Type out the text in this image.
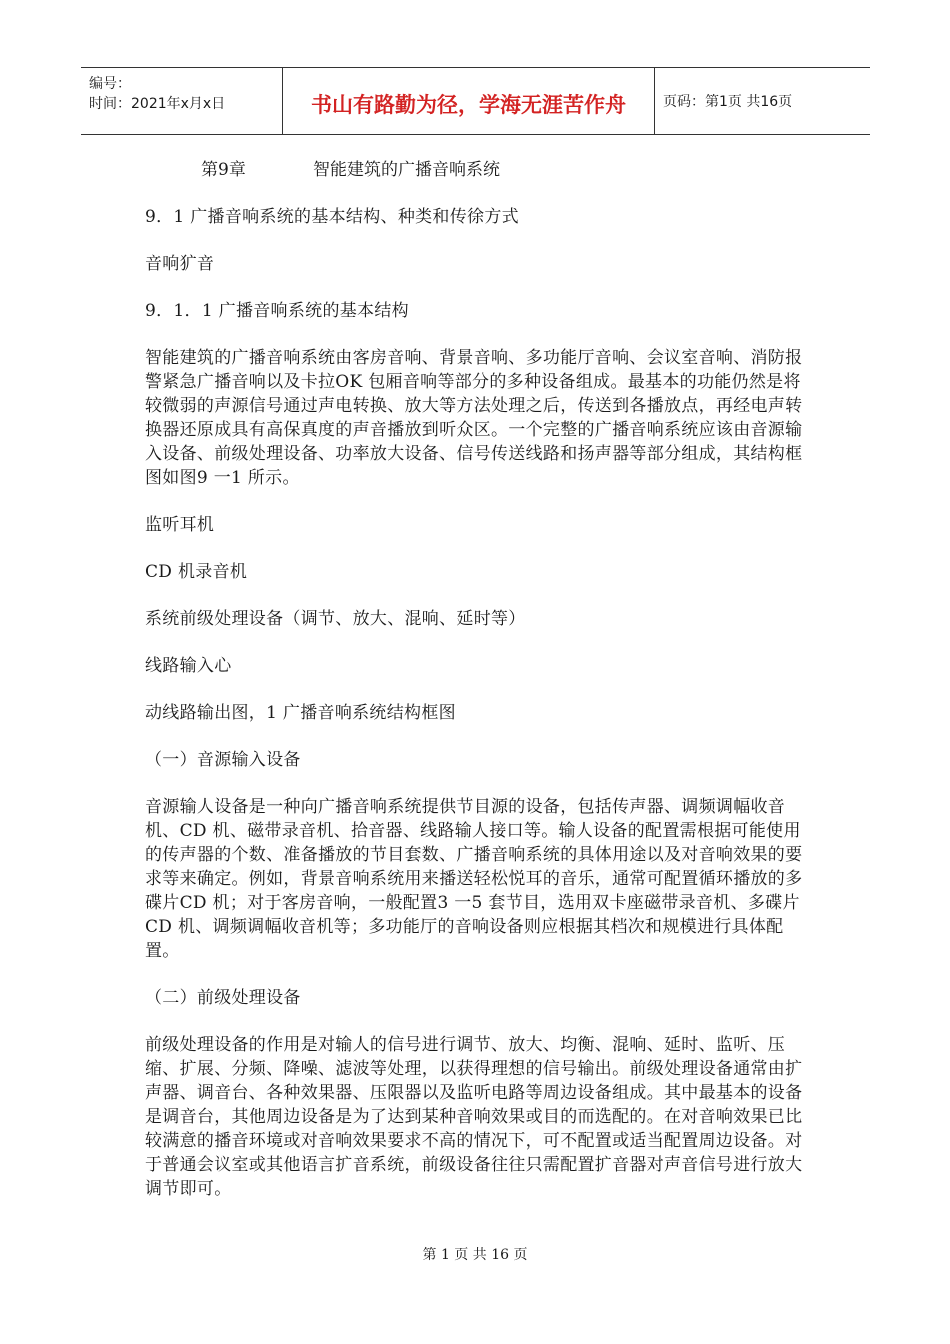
编号：
时间：2021年x月x日	书山有路勤为径，学海无涯苦作舟	页码：第1页 共16页
第9章	智能建筑的广播音响系统
9．1 广播音响系统的基本结构、种类和传徐方式
音响犷音
9．1．1 广播音响系统的基本结构
智能建筑的广播音响系统由客房音响、背景音响、多功能厅音响、会议室音响、消防报警紧急广播音响以及卡拉OK 包厢音响等部分的多种设备组成。最基本的功能仍然是将较微弱的声源信号通过声电转换、放大等方法处理之后，传送到各播放点，再经电声转换器还原成具有高保真度的声音播放到听众区。一个完整的广播音响系统应该由音源输入设备、前级处理设备、功率放大设备、信号传送线路和扬声器等部分组成，其结构框图如图9 一1 所示。
监听耳机
CD 机录音机
系统前级处理设备（调节、放大、混响、延时等）
线路输入心
动线路输出图，1 广播音响系统结构框图
（一）音源输入设备
音源输人设备是一种向广播音响系统提供节目源的设备，包括传声器、调频调幅收音机、CD 机、磁带录音机、拾音器、线路输人接口等。输人设备的配置需根据可能使用的传声器的个数、准备播放的节目套数、广播音响系统的具体用途以及对音响效果的要求等来确定。例如，背景音响系统用来播送轻松悦耳的音乐，通常可配置循环播放的多碟片CD 机；对于客房音响，一般配置3 一5 套节目，选用双卡座磁带录音机、多碟片CD 机、调频调幅收音机等；多功能厅的音响设备则应根据其档次和规模进行具体配置。
（二）前级处理设备
前级处理设备的作用是对输人的信号进行调节、放大、均衡、混响、延时、监听、压缩、扩展、分频、降噪、滤波等处理，以获得理想的信号输出。前级处理设备通常由扩声器、调音台、各种效果器、压限器以及监听电路等周边设备组成。其中最基本的设备是调音台，其他周边设备是为了达到某种音响效果或目的而选配的。在对音响效果已比较满意的播音环境或对音响效果要求不高的情况下，可不配置或适当配置周边设备。对于普通会议室或其他语言扩音系统，前级设备往往只需配置扩音器对声音信号进行放大调节即可。
第 1 页 共 16 页
